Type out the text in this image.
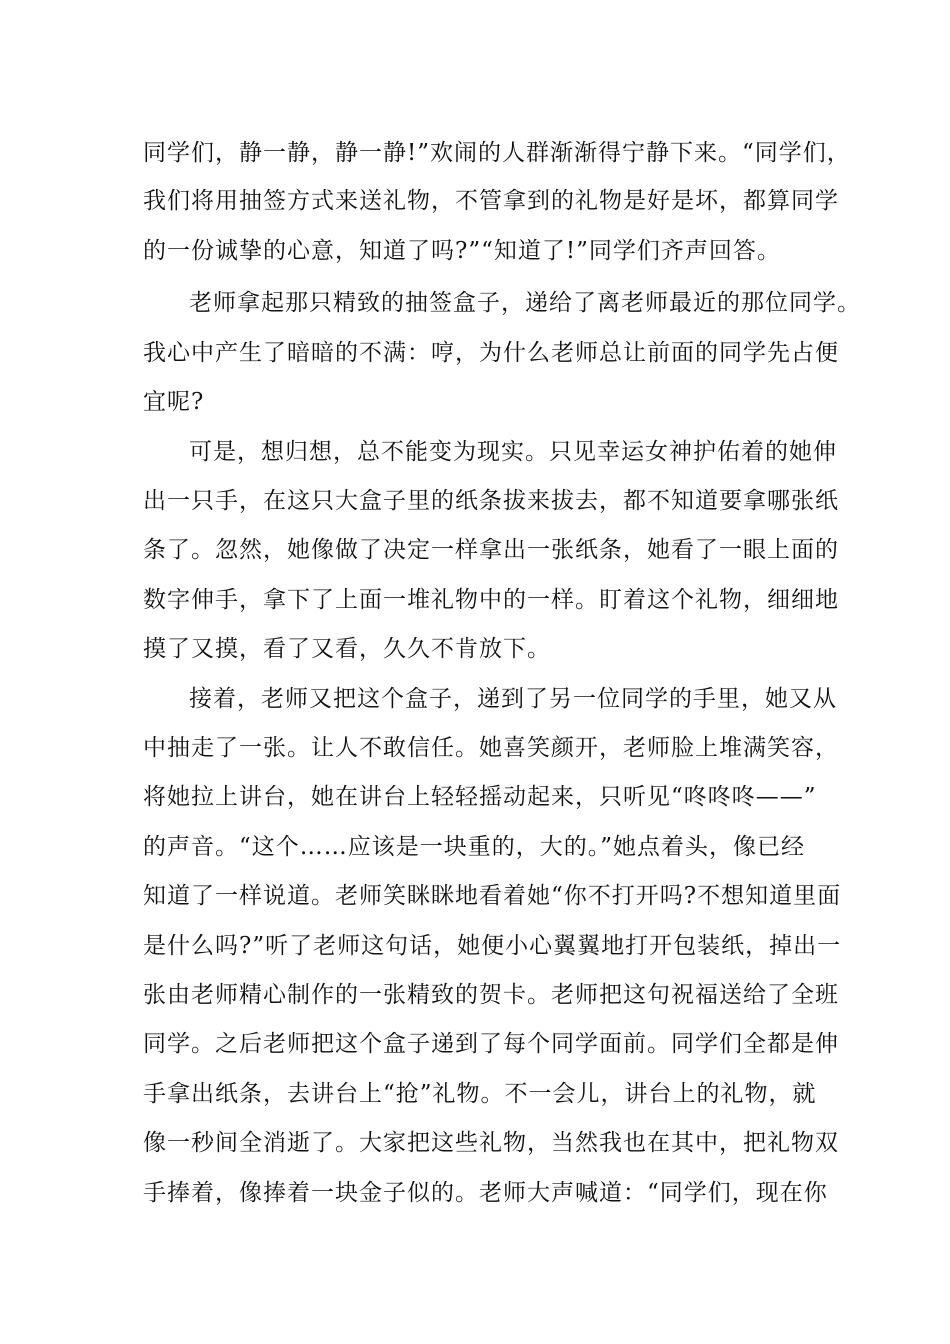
同学们，静一静，静一静!”欢闹的人群渐渐得宁静下来。“同学们，
我们将用抽签方式来送礼物，不管拿到的礼物是好是坏，都算同学
的一份诚挚的心意，知道了吗?”“知道了!”同学们齐声回答。
老师拿起那只精致的抽签盒子，递给了离老师最近的那位同学。
我心中产生了暗暗的不满：哼，为什么老师总让前面的同学先占便
宜呢?
可是，想归想，总不能变为现实。只见幸运女神护佑着的她伸
出一只手，在这只大盒子里的纸条拔来拔去，都不知道要拿哪张纸
条了。忽然，她像做了决定一样拿出一张纸条，她看了一眼上面的
数字伸手，拿下了上面一堆礼物中的一样。盯着这个礼物，细细地
摸了又摸，看了又看，久久不肯放下。
接着，老师又把这个盒子，递到了另一位同学的手里，她又从
中抽走了一张。让人不敢信任。她喜笑颜开，老师脸上堆满笑容，
将她拉上讲台，她在讲台上轻轻摇动起来，只听见“咚咚咚——”
的声音。“这个……应该是一块重的，大的。”她点着头，像已经
知道了一样说道。老师笑眯眯地看着她“你不打开吗?不想知道里面
是什么吗?”听了老师这句话，她便小心翼翼地打开包装纸，掉出一
张由老师精心制作的一张精致的贺卡。老师把这句祝福送给了全班
同学。之后老师把这个盒子递到了每个同学面前。同学们全都是伸
手拿出纸条，去讲台上“抢”礼物。不一会儿，讲台上的礼物，就
像一秒间全消逝了。大家把这些礼物，当然我也在其中，把礼物双
手捧着，像捧着一块金子似的。老师大声喊道：“同学们，现在你
